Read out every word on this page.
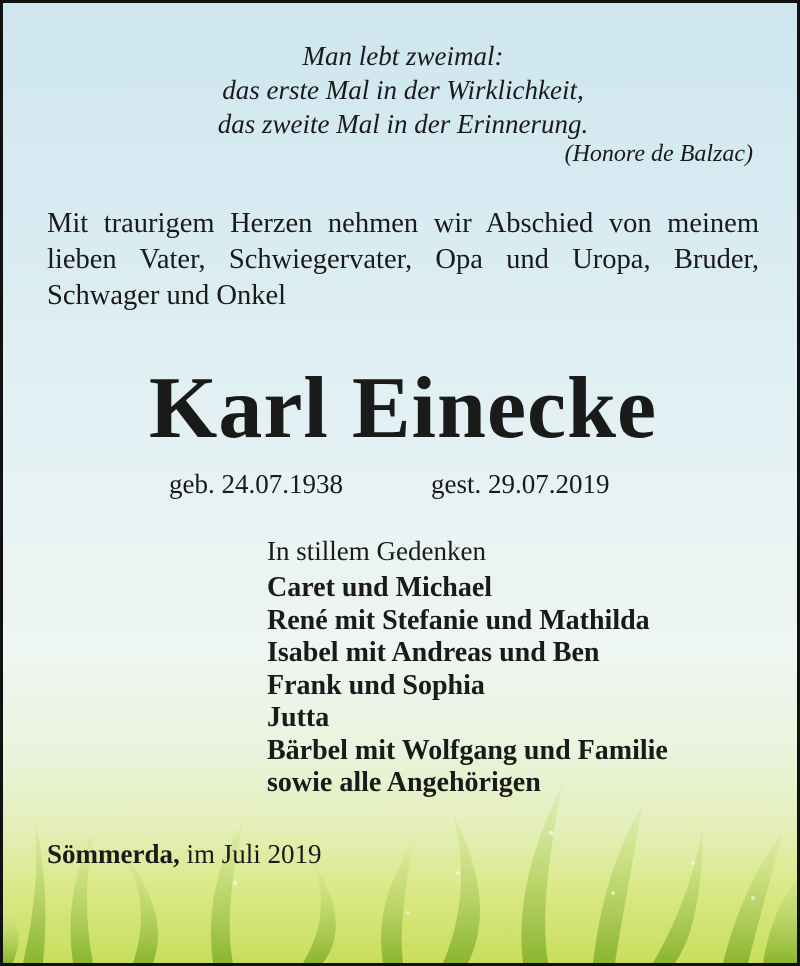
Man lebt zweimal:
das erste Mal in der Wirklichkeit,
das zweite Mal in der Erinnerung.
(Honore de Balzac)
Mit traurigem Herzen nehmen wir Abschied von meinem
lieben Vater, Schwiegervater, Opa und Uropa, Bruder,
Schwager und Onkel
Karl Einecke
geb. 24.07.1938	gest. 29.07.2019
In stillem Gedenken
Caret und Michael
René mit Stefanie und Mathilda
Isabel mit Andreas und Ben
Frank und Sophia
Jutta
Bärbel mit Wolfgang und Familie
sowie alle Angehörigen
Sömmerda, im Juli 2019
